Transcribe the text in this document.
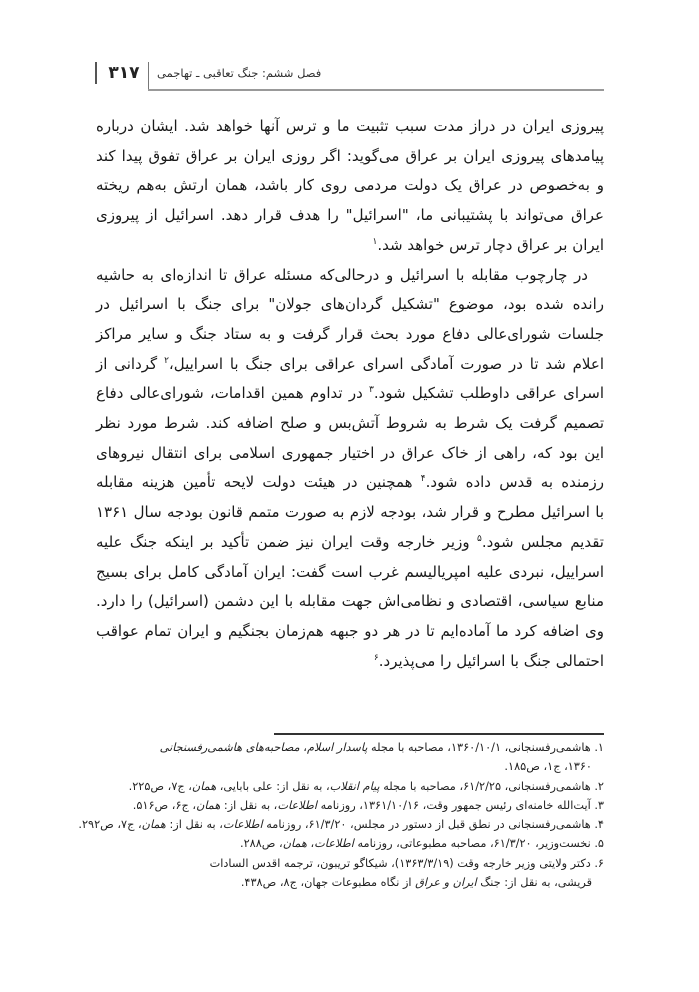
۳۱۷	فصل ششم: جنگ تعاقبی ـ تهاجمی

پیروزی ایران در دراز مدت سبب تثبیت ما و ترس آنها خواهد شد. ایشان درباره
پیامدهای پیروزی ایران بر عراق می‌گوید: اگر روزی ایران بر عراق تفوق پیدا کند
و به‌خصوص در عراق یک دولت مردمی روی کار باشد، همان ارتش به‌هم ریخته
عراق می‌تواند با پشتیبانی ما، "اسرائیل" را هدف قرار دهد. اسرائیل از پیروزی
ایران بر عراق دچار ترس خواهد شد.$^۱$

در چارچوب مقابله با اسرائیل و درحالی‌که مسئله عراق تا اندازه‌ای به حاشیه
رانده شده بود، موضوع "تشکیل گردان‌های جولان" برای جنگ با اسرائیل در
جلسات شورای‌عالی دفاع مورد بحث قرار گرفت و به ستاد جنگ و سایر مراکز
اعلام شد تا در صورت آمادگی اسرای عراقی برای جنگ با اسراییل،$^۲$ گردانی از
اسرای عراقی داوطلب تشکیل شود.$^۳$ در تداوم همین اقدامات، شورای‌عالی دفاع
تصمیم گرفت یک شرط به شروط آتش‌بس و صلح اضافه کند. شرط مورد نظر
این بود که، راهی از خاک عراق در اختیار جمهوری اسلامی برای انتقال نیروهای
رزمنده به قدس داده شود.$^۴$ همچنین در هیئت دولت لایحه تأمین هزینه مقابله
با اسرائیل مطرح و قرار شد، بودجه لازم به صورت متمم قانون بودجه سال ۱۳۶۱
تقدیم مجلس شود.$^۵$ وزیر خارجه وقت ایران نیز ضمن تأکید بر اینکه جنگ علیه
اسراییل، نبردی علیه امپریالیسم غرب است گفت: ایران آمادگی کامل برای بسیج
منابع سیاسی، اقتصادی و نظامی‌اش جهت مقابله با این دشمن (اسرائیل) را دارد.
وی اضافه کرد ما آماده‌ایم تا در هر دو جبهه هم‌زمان بجنگیم و ایران تمام عواقب
احتمالی جنگ با اسرائیل را می‌پذیرد.$^۶$

۱. هاشمی‌رفسنجانی، ۱۳۶۰/۱۰/۱، مصاحبه با مجله پاسدار اسلام، مصاحبه‌های هاشمی‌رفسنجانی
۱۳۶۰، ج۱، ص۱۸۵.
۲. هاشمی‌رفسنجانی، ۶۱/۲/۲۵، مصاحبه با مجله پیام انقلاب، به نقل از: علی بابایی، همان، ج۷، ص۲۲۵.
۳. آیت‌الله خامنه‌ای رئیس جمهور وقت، ۱۳۶۱/۱۰/۱۶، روزنامه اطلاعات، به نقل از: همان، ج۶، ص۵۱۶.
۴. هاشمی‌رفسنجانی در نطق قبل از دستور در مجلس، ۶۱/۳/۲۰، روزنامه اطلاعات، به نقل از: همان، ج۷، ص۲۹۲.
۵. نخست‌وزیر، ۶۱/۳/۲۰، مصاحبه مطبوعاتی، روزنامه اطلاعات، همان، ص۲۸۸.
۶. دکتر ولایتی وزیر خارجه وقت (۱۳۶۳/۳/۱۹)، شیکاگو تریبون، ترجمه اقدس السادات
قریشی، به نقل از: جنگ ایران و عراق از نگاه مطبوعات جهان، ج۸، ص۴۳۸.
